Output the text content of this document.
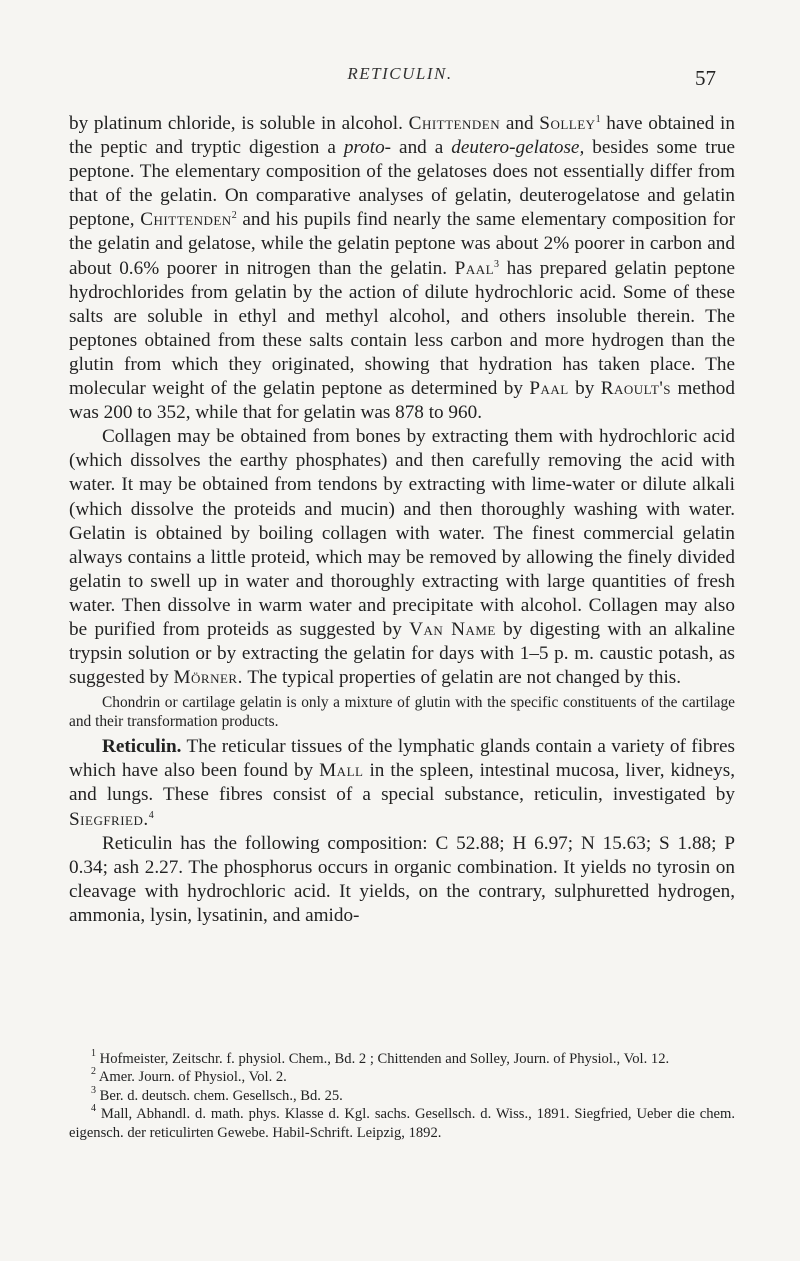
RETICULIN.	57

by platinum chloride, is soluble in alcohol. Chittenden and Solley$^1$ have obtained in the peptic and tryptic digestion a proto- and a deutero-gelatose, besides some true peptone. The elementary composition of the gelatoses does not essentially differ from that of the gelatin. On comparative analyses of gelatin, deuterogelatose and gelatin peptone, Chittenden$^2$ and his pupils find nearly the same elementary composition for the gelatin and gelatose, while the gelatin peptone was about 2% poorer in carbon and about 0.6% poorer in nitrogen than the gelatin. Paal$^3$ has prepared gelatin peptone hydrochlorides from gelatin by the action of dilute hydrochloric acid. Some of these salts are soluble in ethyl and methyl alcohol, and others insoluble therein. The peptones obtained from these salts contain less carbon and more hydrogen than the glutin from which they originated, showing that hydration has taken place. The molecular weight of the gelatin peptone as determined by Paal by Raoult's method was 200 to 352, while that for gelatin was 878 to 960.

Collagen may be obtained from bones by extracting them with hydrochloric acid (which dissolves the earthy phosphates) and then carefully removing the acid with water. It may be obtained from tendons by extracting with lime-water or dilute alkali (which dissolve the proteids and mucin) and then thoroughly washing with water. Gelatin is obtained by boiling collagen with water. The finest commercial gelatin always contains a little proteid, which may be removed by allowing the finely divided gelatin to swell up in water and thoroughly extracting with large quantities of fresh water. Then dissolve in warm water and precipitate with alcohol. Collagen may also be purified from proteids as suggested by Van Name by digesting with an alkaline trypsin solution or by extracting the gelatin for days with 1–5 p. m. caustic potash, as suggested by Mörner. The typical properties of gelatin are not changed by this.

Chondrin or cartilage gelatin is only a mixture of glutin with the specific constituents of the cartilage and their transformation products.

Reticulin. The reticular tissues of the lymphatic glands contain a variety of fibres which have also been found by Mall in the spleen, intestinal mucosa, liver, kidneys, and lungs. These fibres consist of a special substance, reticulin, investigated by Siegfried.$^4$

Reticulin has the following composition: C 52.88; H 6.97; N 15.63; S 1.88; P 0.34; ash 2.27. The phosphorus occurs in organic combination. It yields no tyrosin on cleavage with hydrochloric acid. It yields, on the contrary, sulphuretted hydrogen, ammonia, lysin, lysatinin, and amido-

$^1$ Hofmeister, Zeitschr. f. physiol. Chem., Bd. 2 ; Chittenden and Solley, Journ. of Physiol., Vol. 12.

$^2$ Amer. Journ. of Physiol., Vol. 2.

$^3$ Ber. d. deutsch. chem. Gesellsch., Bd. 25.

$^4$ Mall, Abhandl. d. math. phys. Klasse d. Kgl. sachs. Gesellsch. d. Wiss., 1891. Siegfried, Ueber die chem. eigensch. der reticulirten Gewebe. Habil-Schrift. Leipzig, 1892.
